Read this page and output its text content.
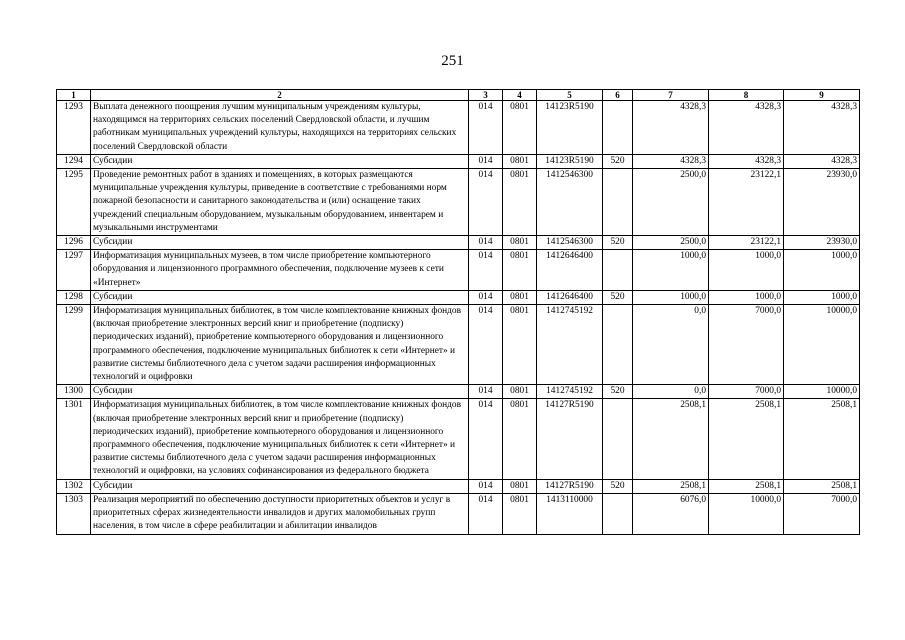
251
1	2	3	4	5	6	7	8	9
1293	Выплата денежного поощрения лучшим муниципальным учреждениям культуры, находящимся на территориях сельских поселений Свердловской области, и лучшим работникам муниципальных учреждений культуры, находящихся на территориях сельских поселений Свердловской области	014	0801	14123R5190		4328,3	4328,3	4328,3
1294	Субсидии	014	0801	14123R5190	520	4328,3	4328,3	4328,3
1295	Проведение ремонтных работ в зданиях и помещениях, в которых размещаются муниципальные учреждения культуры, приведение в соответствие с требованиями норм пожарной безопасности и санитарного законодательства и (или) оснащение таких учреждений специальным оборудованием, музыкальным оборудованием, инвентарем и музыкальными инструментами	014	0801	1412546300		2500,0	23122,1	23930,0
1296	Субсидии	014	0801	1412546300	520	2500,0	23122,1	23930,0
1297	Информатизация муниципальных музеев, в том числе приобретение компьютерного оборудования и лицензионного программного обеспечения, подключение музеев к сети «Интернет»	014	0801	1412646400		1000,0	1000,0	1000,0
1298	Субсидии	014	0801	1412646400	520	1000,0	1000,0	1000,0
1299	Информатизация муниципальных библиотек, в том числе комплектование книжных фондов (включая приобретение электронных версий книг и приобретение (подписку) периодических изданий), приобретение компьютерного оборудования и лицензионного программного обеспечения, подключение муниципальных библиотек к сети «Интернет» и развитие системы библиотечного дела с учетом задачи расширения информационных технологий и оцифровки	014	0801	1412745192		0,0	7000,0	10000,0
1300	Субсидии	014	0801	1412745192	520	0,0	7000,0	10000,0
1301	Информатизация муниципальных библиотек, в том числе комплектование книжных фондов (включая приобретение электронных версий книг и приобретение (подписку) периодических изданий), приобретение компьютерного оборудования и лицензионного программного обеспечения, подключение муниципальных библиотек к сети «Интернет» и развитие системы библиотечного дела с учетом задачи расширения информационных технологий и оцифровки, на условиях софинансирования из федерального бюджета	014	0801	14127R5190		2508,1	2508,1	2508,1
1302	Субсидии	014	0801	14127R5190	520	2508,1	2508,1	2508,1
1303	Реализация мероприятий по обеспечению доступности приоритетных объектов и услуг в приоритетных сферах жизнедеятельности инвалидов и других маломобильных групп населения, в том числе в сфере реабилитации и абилитации инвалидов	014	0801	1413110000		6076,0	10000,0	7000,0
